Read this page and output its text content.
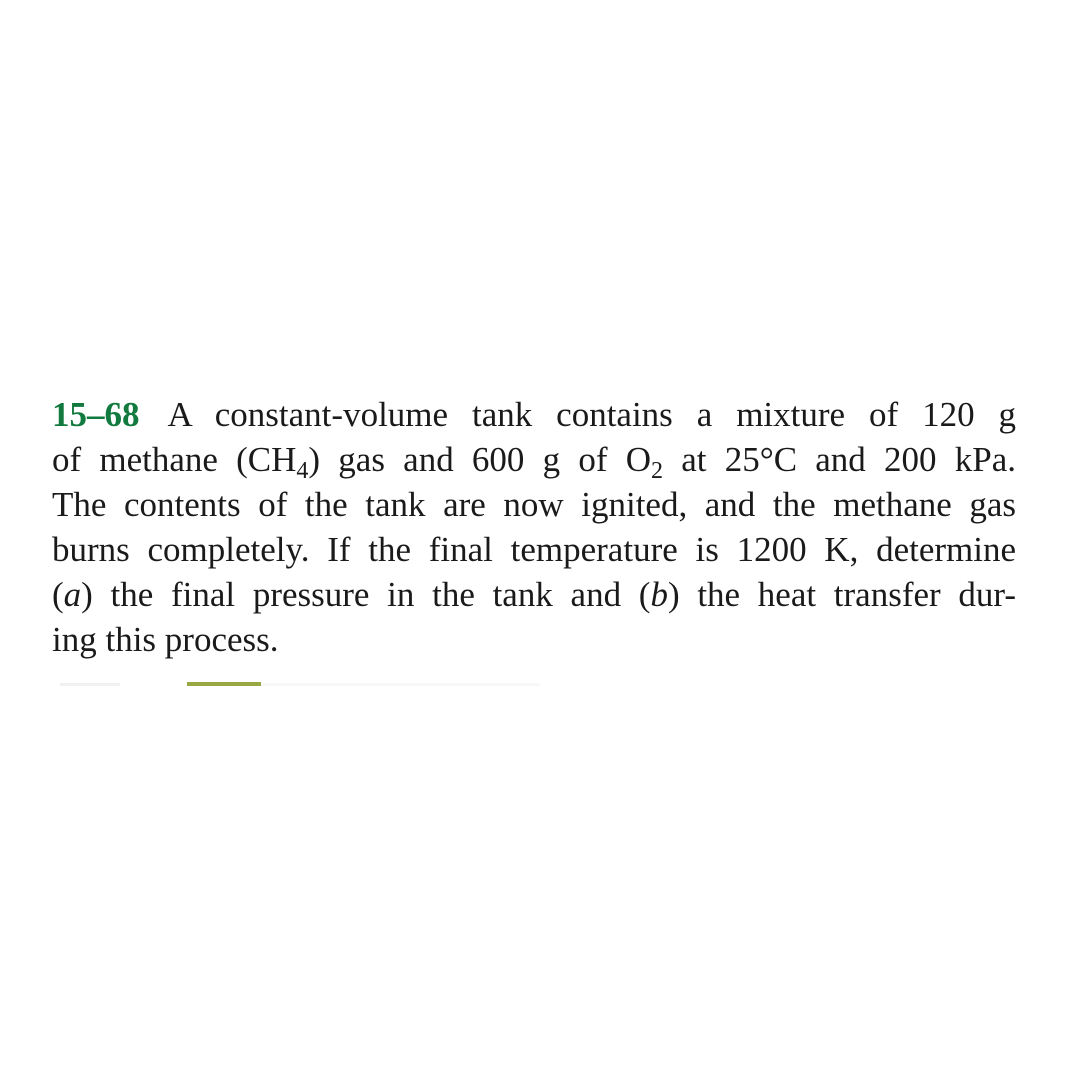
15–68 A constant-volume tank contains a mixture of 120 g
of methane $(CH_4)$ gas and 600 g of $O_2$ at 25°C and 200 kPa.
The contents of the tank are now ignited, and the methane gas
burns completely. If the final temperature is 1200 K, determine
(a) the final pressure in the tank and (b) the heat transfer dur-
ing this process.
